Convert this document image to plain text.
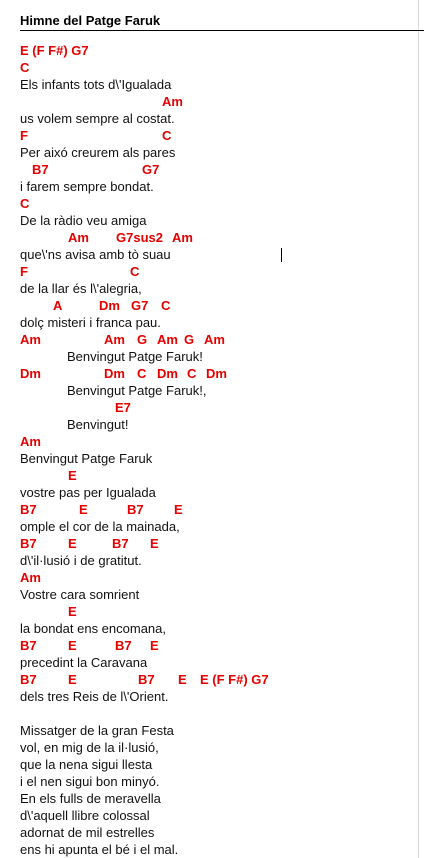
Himne del Patge Faruk
E (F F#) G7
C
Els infants tots d\'Igualada
Am
us volem sempre al costat.
F	C
Per aixó creurem als pares
B7	G7
i farem sempre bondat.
C
De la ràdio veu amiga
Am G7sus2 Am
que\'ns avisa amb tò suau
F	C
de la llar és l\'alegria,
A	Dm G7 C
dolç misteri i franca pau.
Am	Am G Am G Am
Benvingut Patge Faruk!
Dm	Dm C Dm C Dm
Benvingut Patge Faruk!,
E7
Benvingut!
Am
Benvingut Patge Faruk
E
vostre pas per Igualada
B7	E	B7 E
omple el cor de la mainada,
B7 E	B7 E
d\'il·lusió i de gratitut.
Am
Vostre cara somrient
E
la bondat ens encomana,
B7 E	B7 E
precedint la Caravana
B7 E	B7 E E (F F#) G7
dels tres Reis de l\'Orient.
Missatger de la gran Festa
vol, en mig de la il·lusió,
que la nena sigui llesta
i el nen sigui bon minyó.
En els fulls de meravella
d\'aquell llibre colossal
adornat de mil estrelles
ens hi apunta el bé i el mal.
